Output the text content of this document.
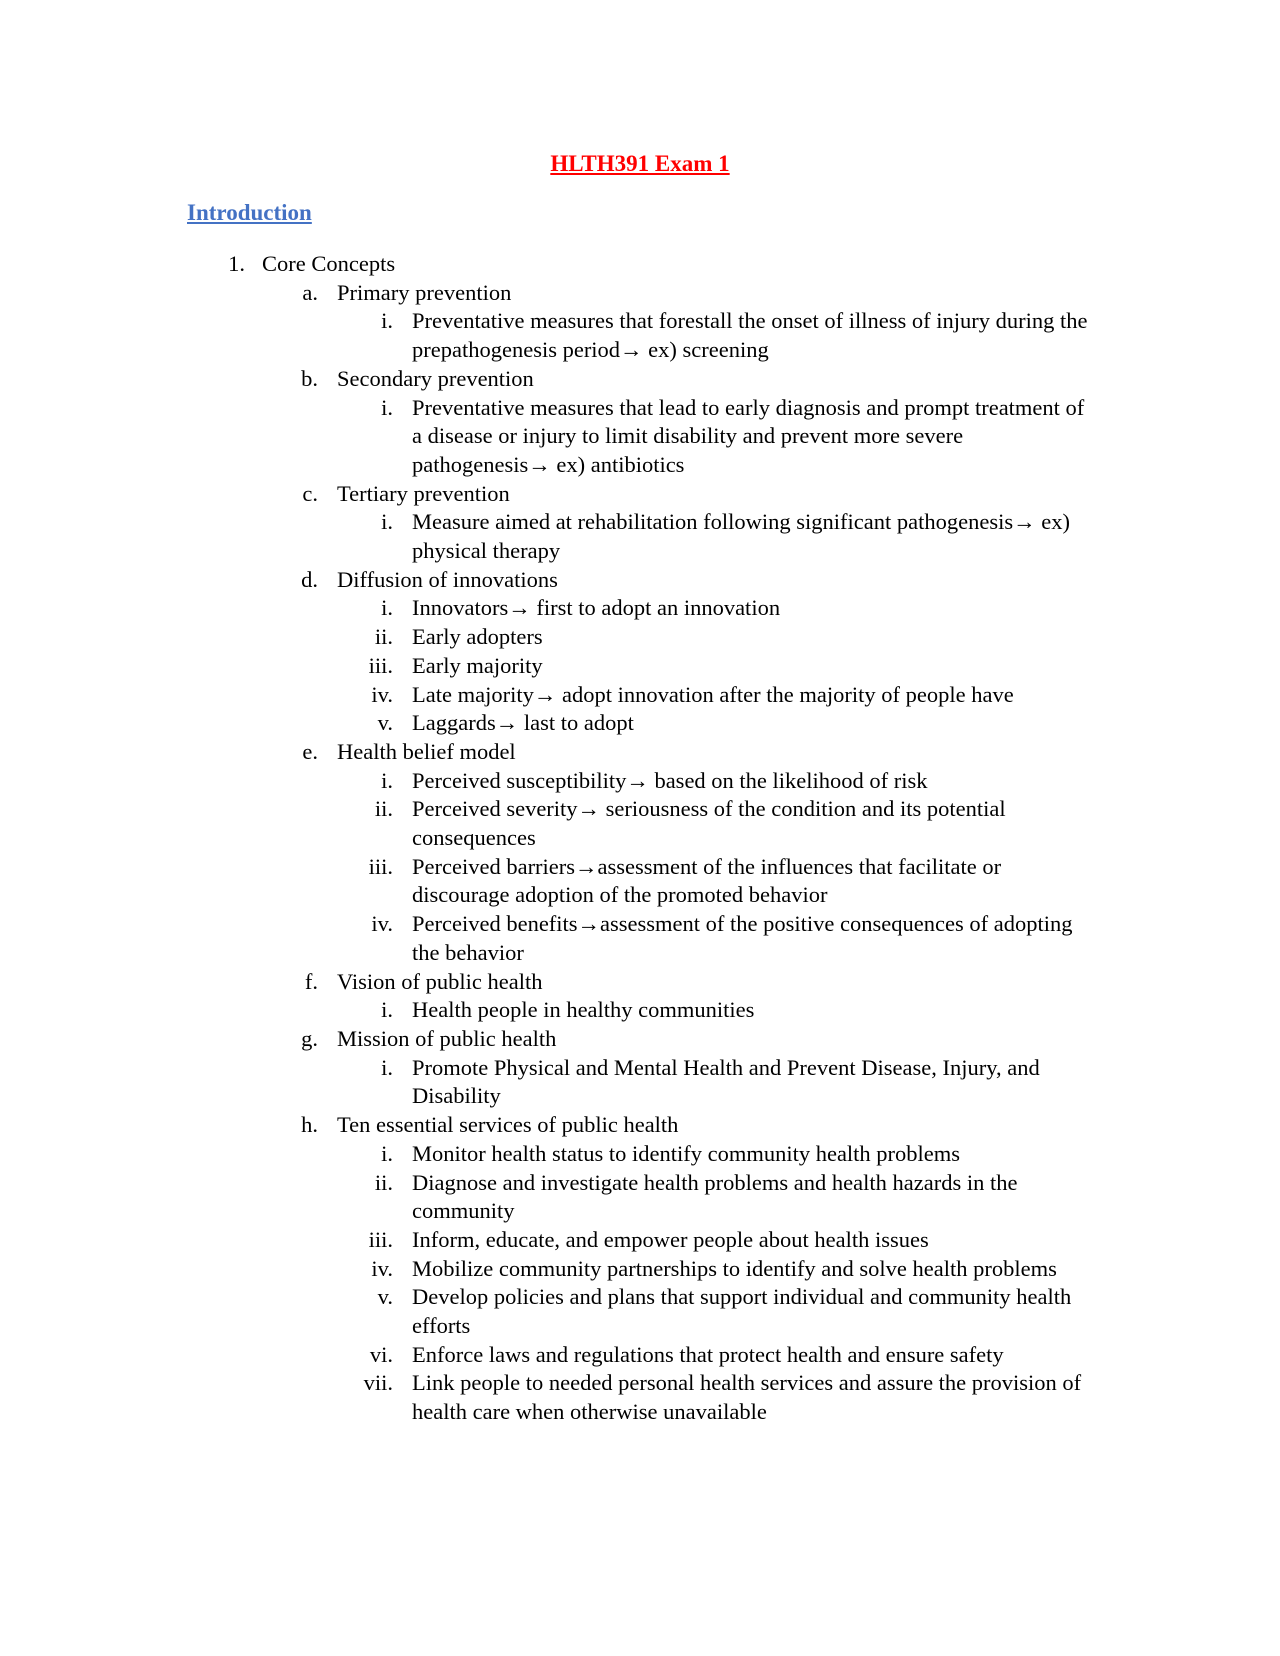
HLTH391 Exam 1
Introduction
1. Core Concepts
a. Primary prevention
i. Preventative measures that forestall the onset of illness of injury during the prepathogenesis period→ ex) screening
b. Secondary prevention
i. Preventative measures that lead to early diagnosis and prompt treatment of a disease or injury to limit disability and prevent more severe pathogenesis→ ex) antibiotics
c. Tertiary prevention
i. Measure aimed at rehabilitation following significant pathogenesis→ ex) physical therapy
d. Diffusion of innovations
i. Innovators→ first to adopt an innovation
ii. Early adopters
iii. Early majority
iv. Late majority→ adopt innovation after the majority of people have
v. Laggards→ last to adopt
e. Health belief model
i. Perceived susceptibility→ based on the likelihood of risk
ii. Perceived severity→ seriousness of the condition and its potential consequences
iii. Perceived barriers→assessment of the influences that facilitate or discourage adoption of the promoted behavior
iv. Perceived benefits→assessment of the positive consequences of adopting the behavior
f. Vision of public health
i. Health people in healthy communities
g. Mission of public health
i. Promote Physical and Mental Health and Prevent Disease, Injury, and Disability
h. Ten essential services of public health
i. Monitor health status to identify community health problems
ii. Diagnose and investigate health problems and health hazards in the community
iii. Inform, educate, and empower people about health issues
iv. Mobilize community partnerships to identify and solve health problems
v. Develop policies and plans that support individual and community health efforts
vi. Enforce laws and regulations that protect health and ensure safety
vii. Link people to needed personal health services and assure the provision of health care when otherwise unavailable
